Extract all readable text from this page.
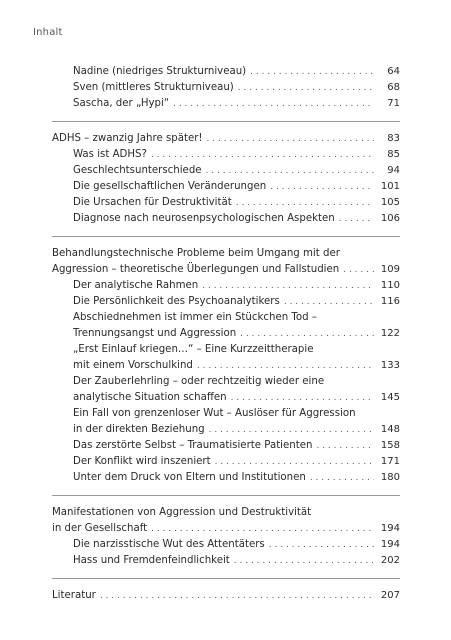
Inhalt
Nadine (niedriges Strukturniveau) . . .	64
Sven (mittleres Strukturniveau) . . .	68
Sascha, der „Hypi“ . . .	71
ADHS – zwanzig Jahre später! . . .	83
Was ist ADHS? . . .	85
Geschlechtsunterschiede . . .	94
Die gesellschaftlichen Veränderungen . . .	101
Die Ursachen für Destruktivität . . .	105
Diagnose nach neurosenpsychologischen Aspekten . . .	106
Behandlungstechnische Probleme beim Umgang mit der
Aggression – theoretische Überlegungen und Fallstudien . . .	109
Der analytische Rahmen . . .	110
Die Persönlichkeit des Psychoanalytikers . . .	116
Abschiednehmen ist immer ein Stückchen Tod –
Trennungsangst und Aggression . . .	122
„Erst Einlauf kriegen…“ – Eine Kurzzeittherapie
mit einem Vorschulkind . . .	133
Der Zauberlehrling – oder rechtzeitig wieder eine
analytische Situation schaffen . . .	145
Ein Fall von grenzenloser Wut – Auslöser für Aggression
in der direkten Beziehung . . .	148
Das zerstörte Selbst – Traumatisierte Patienten . . .	158
Der Konflikt wird inszeniert . . .	171
Unter dem Druck von Eltern und Institutionen . . .	180
Manifestationen von Aggression und Destruktivität
in der Gesellschaft . . .	194
Die narzisstische Wut des Attentäters . . .	194
Hass und Fremdenfeindlichkeit . . .	202
Literatur . . .	207
